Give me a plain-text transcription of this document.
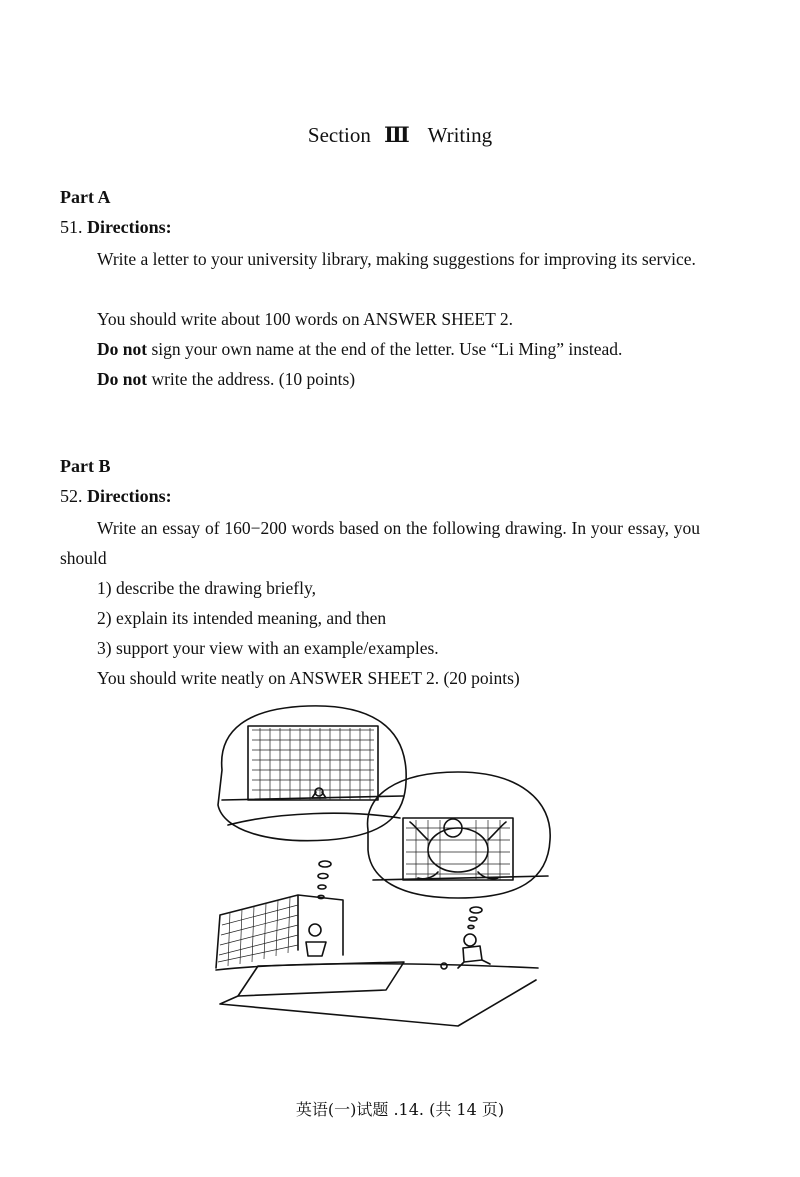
Section Ⅲ Writing
Part A
51. Directions:
Write a letter to your university library, making suggestions for improving its service.
You should write about 100 words on ANSWER SHEET 2.
Do not sign your own name at the end of the letter. Use “Li Ming” instead.
Do not write the address. (10 points)
Part B
52. Directions:
Write an essay of 160−200 words based on the following drawing. In your essay, you should
1) describe the drawing briefly,
2) explain its intended meaning, and then
3) support your view with an example/examples.
You should write neatly on ANSWER SHEET 2. (20 points)
英语(一)试题 .14. (共 14 页)
